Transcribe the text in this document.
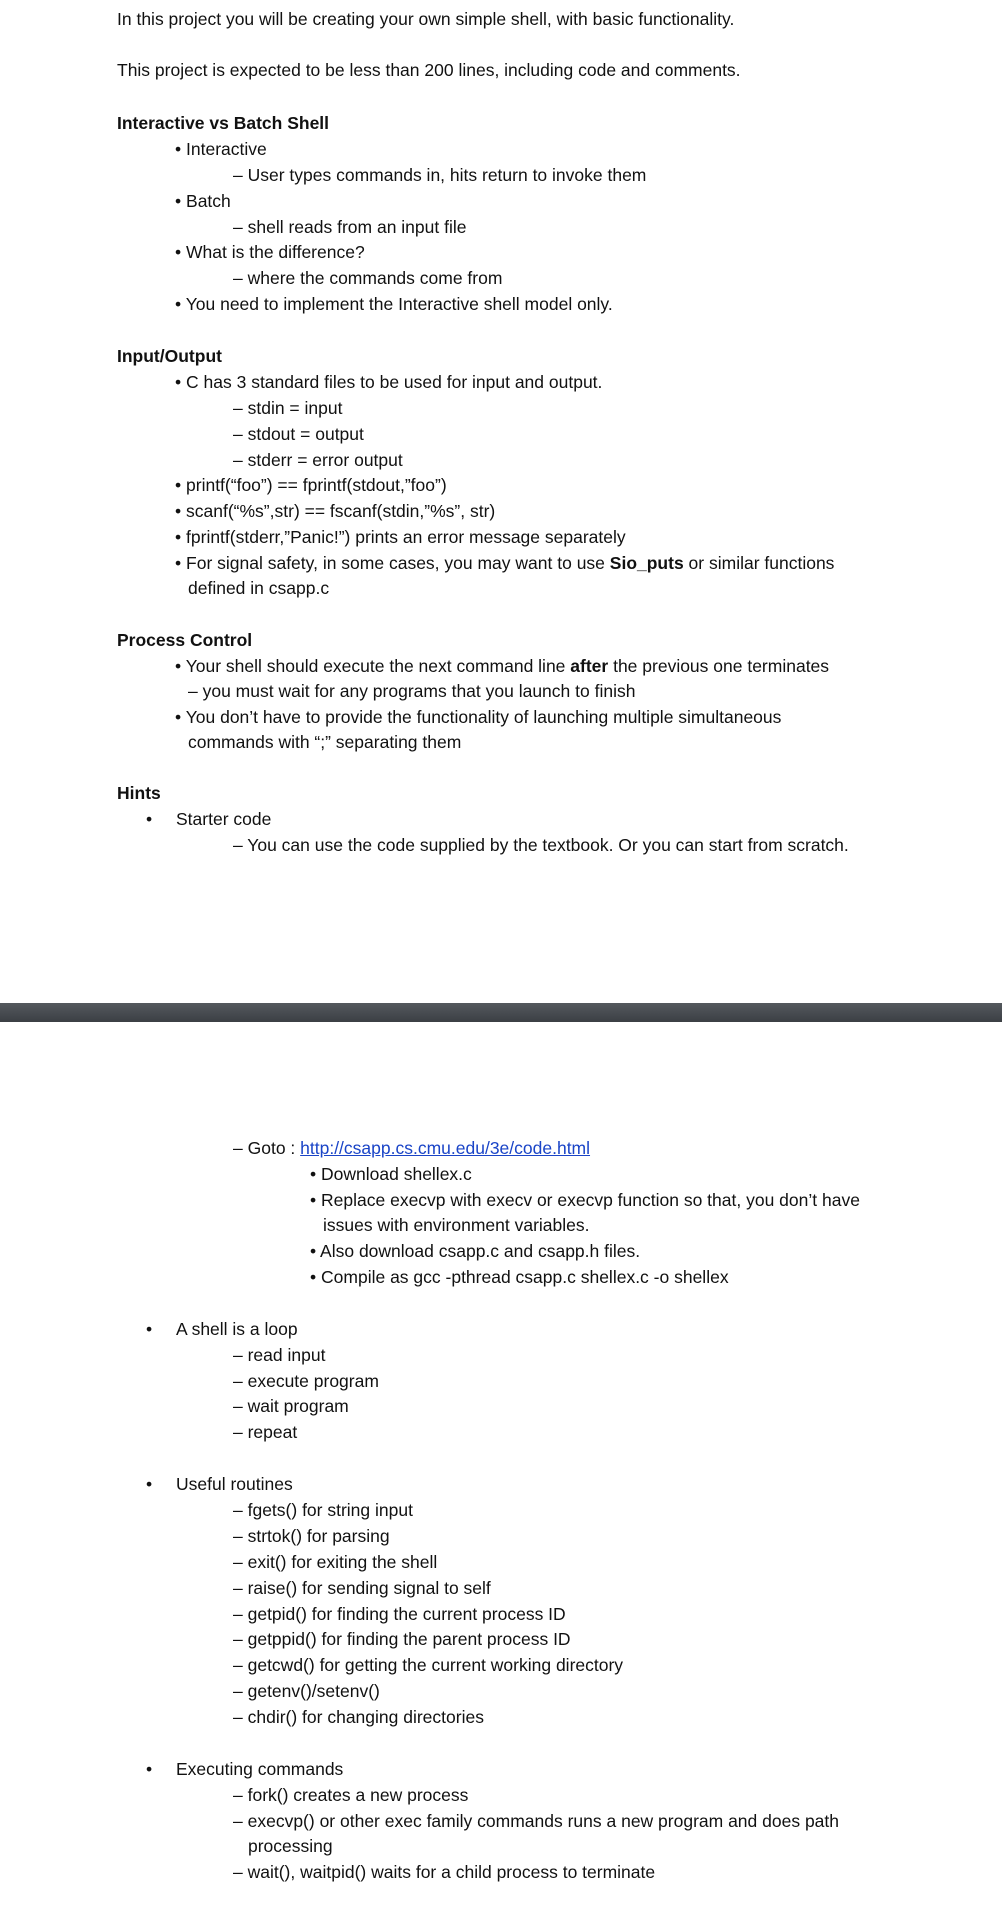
In this project you will be creating your own simple shell, with basic functionality.
This project is expected to be less than 200 lines, including code and comments.
Interactive vs Batch Shell
• Interactive
– User types commands in, hits return to invoke them
• Batch
– shell reads from an input file
• What is the difference?
– where the commands come from
• You need to implement the Interactive shell model only.
Input/Output
• C has 3 standard files to be used for input and output.
– stdin = input
– stdout = output
– stderr = error output
• printf(“foo”) == fprintf(stdout,”foo”)
• scanf(“%s”,str) == fscanf(stdin,”%s”, str)
• fprintf(stderr,”Panic!”) prints an error message separately
• For signal safety, in some cases, you may want to use Sio_puts or similar functions
defined in csapp.c
Process Control
• Your shell should execute the next command line after the previous one terminates
– you must wait for any programs that you launch to finish
• You don’t have to provide the functionality of launching multiple simultaneous
commands with “;” separating them
Hints
• Starter code
– You can use the code supplied by the textbook. Or you can start from scratch.
– Goto : http://csapp.cs.cmu.edu/3e/code.html
• Download shellex.c
• Replace execvp with execv or execvp function so that, you don’t have
issues with environment variables.
• Also download csapp.c and csapp.h files.
• Compile as gcc -pthread csapp.c shellex.c -o shellex
• A shell is a loop
– read input
– execute program
– wait program
– repeat
• Useful routines
– fgets() for string input
– strtok() for parsing
– exit() for exiting the shell
– raise() for sending signal to self
– getpid() for finding the current process ID
– getppid() for finding the parent process ID
– getcwd() for getting the current working directory
– getenv()/setenv()
– chdir() for changing directories
• Executing commands
– fork() creates a new process
– execvp() or other exec family commands runs a new program and does path
processing
– wait(), waitpid() waits for a child process to terminate
